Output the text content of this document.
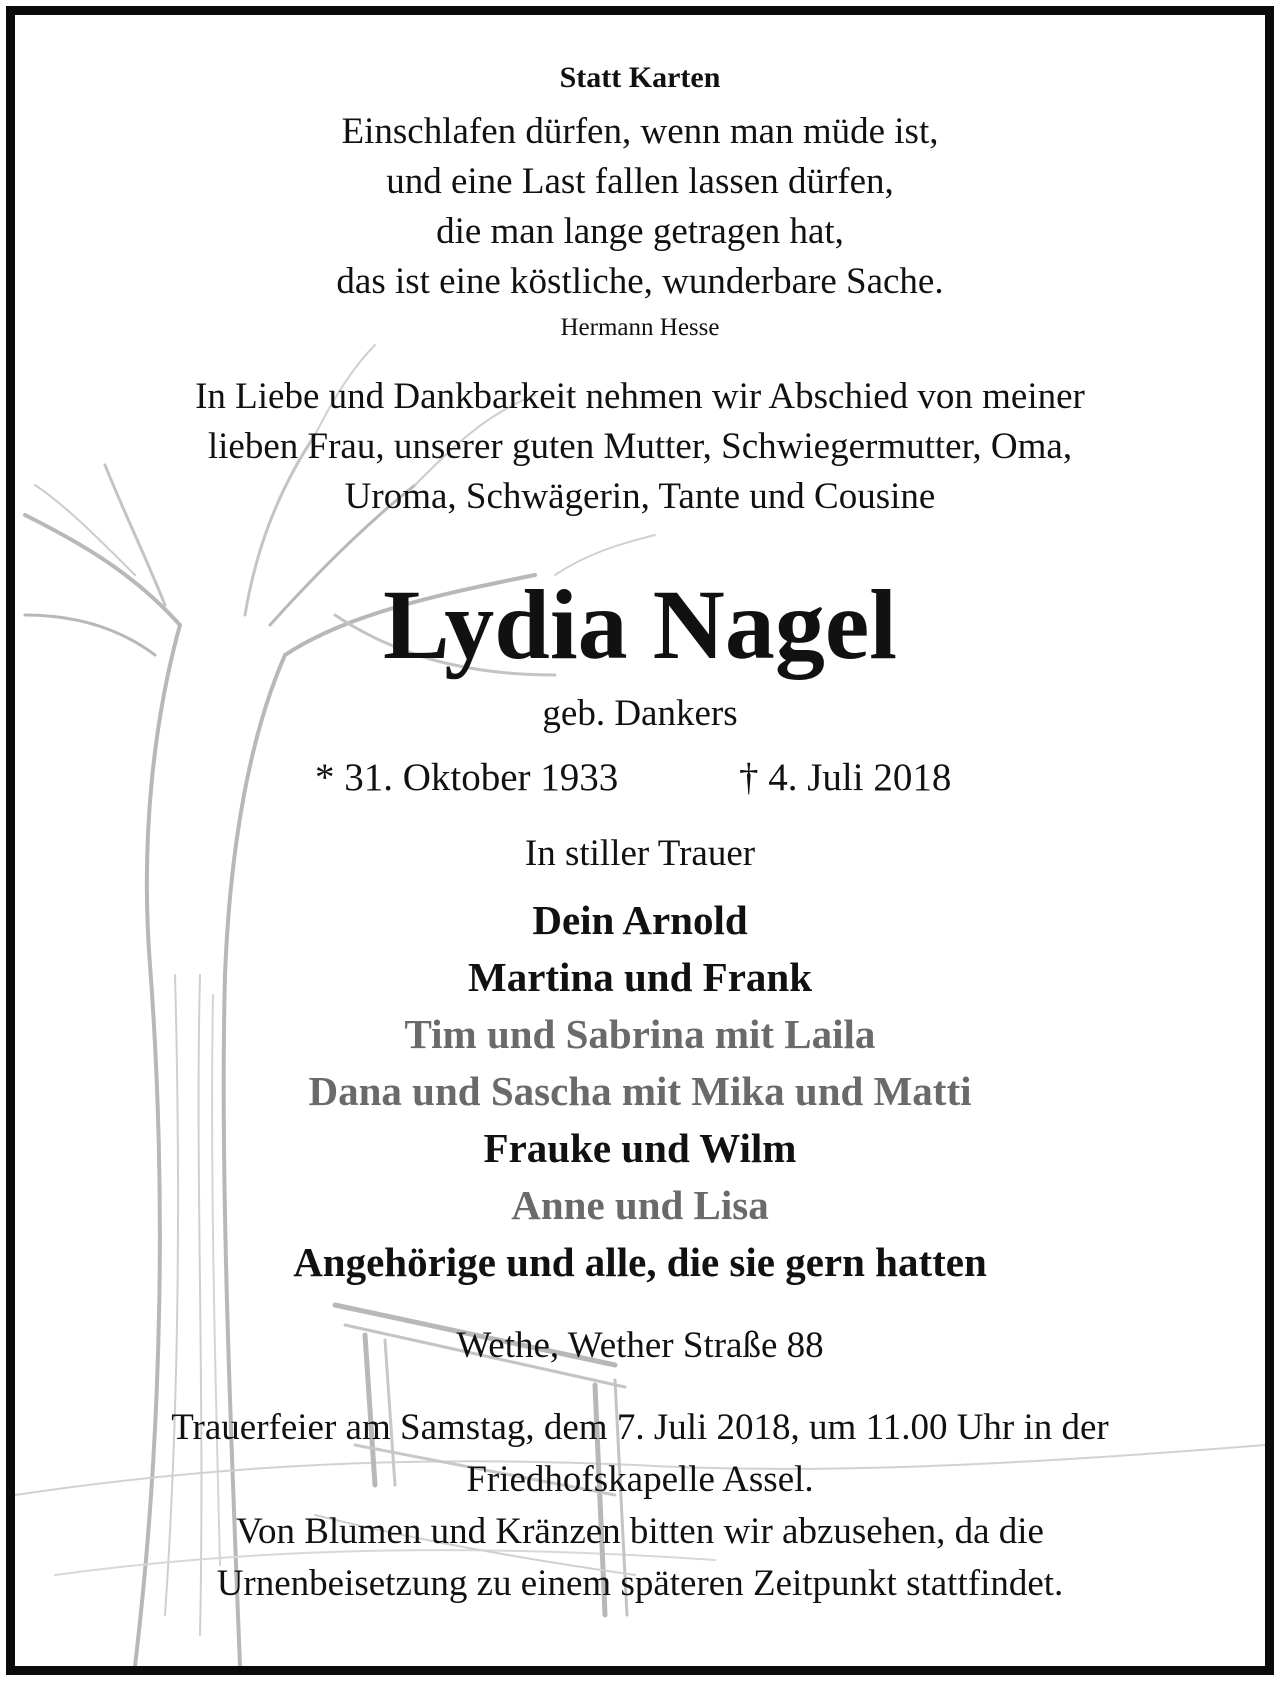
Statt Karten
Einschlafen dürfen, wenn man müde ist,
und eine Last fallen lassen dürfen,
die man lange getragen hat,
das ist eine köstliche, wunderbare Sache.
Hermann Hesse
In Liebe und Dankbarkeit nehmen wir Abschied von meiner
lieben Frau, unserer guten Mutter, Schwiegermutter, Oma,
Uroma, Schwägerin, Tante und Cousine
Lydia Nagel
geb. Dankers
* 31. Oktober 1933	† 4. Juli 2018
In stiller Trauer
Dein Arnold
Martina und Frank
Tim und Sabrina mit Laila
Dana und Sascha mit Mika und Matti
Frauke und Wilm
Anne und Lisa
Angehörige und alle, die sie gern hatten
Wethe, Wether Straße 88
Trauerfeier am Samstag, dem 7. Juli 2018, um 11.00 Uhr in der
Friedhofskapelle Assel.
Von Blumen und Kränzen bitten wir abzusehen, da die
Urnenbeisetzung zu einem späteren Zeitpunkt stattfindet.
